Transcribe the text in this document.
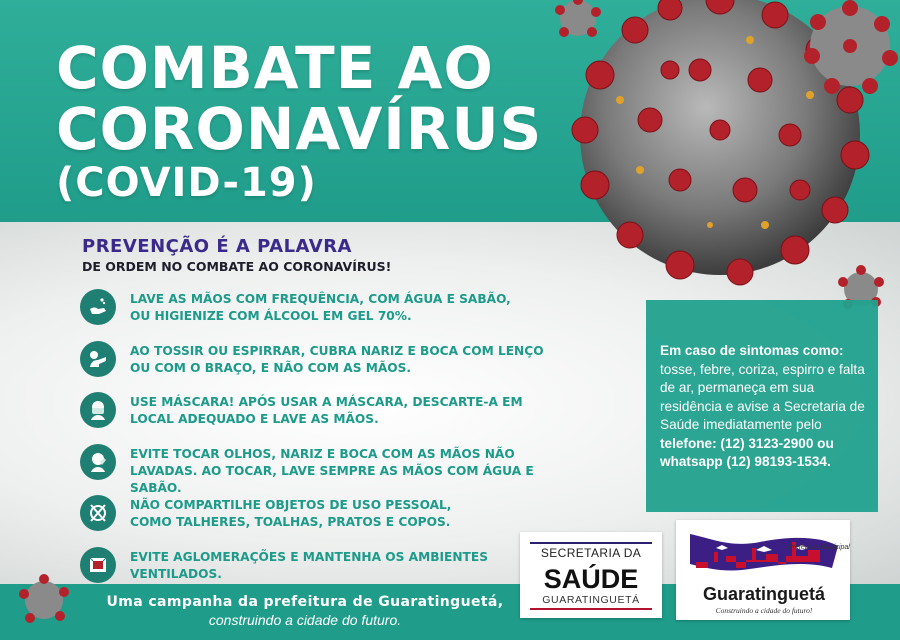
COMBATE AO
CORONAVÍRUS
(COVID-19)
PREVENÇÃO É A PALAVRA
DE ORDEM NO COMBATE AO CORONAVÍRUS!
LAVE AS MÃOS COM FREQUÊNCIA, COM ÁGUA E SABÃO,
OU HIGIENIZE COM ÁLCOOL EM GEL 70%.
AO TOSSIR OU ESPIRRAR, CUBRA NARIZ E BOCA COM LENÇO
OU COM O BRAÇO, E NÃO COM AS MÃOS.
USE MÁSCARA! APÓS USAR A MÁSCARA, DESCARTE-A EM
LOCAL ADEQUADO E LAVE AS MÃOS.
EVITE TOCAR OLHOS, NARIZ E BOCA COM AS MÃOS NÃO
LAVADAS. AO TOCAR, LAVE SEMPRE AS MÃOS COM ÁGUA E SABÃO.
NÃO COMPARTILHE OBJETOS DE USO PESSOAL,
COMO TALHERES, TOALHAS, PRATOS E COPOS.
EVITE AGLOMERAÇÕES E MANTENHA OS AMBIENTES
VENTILADOS.

Em caso de sintomas como:
tosse, febre, coriza, espirro e falta de ar, permaneça em sua residência e avise a Secretaria de Saúde imediatamente pelo
telefone: (12) 3123-2900 ou
whatsapp (12) 98193-1534.

SECRETARIA DA
SAÚDE
GUARATINGUETÁ
Prefeitura Municipal
Guaratinguetá
Construindo a cidade do futuro!
Uma campanha da prefeitura de Guaratinguetá,
construindo a cidade do futuro.
